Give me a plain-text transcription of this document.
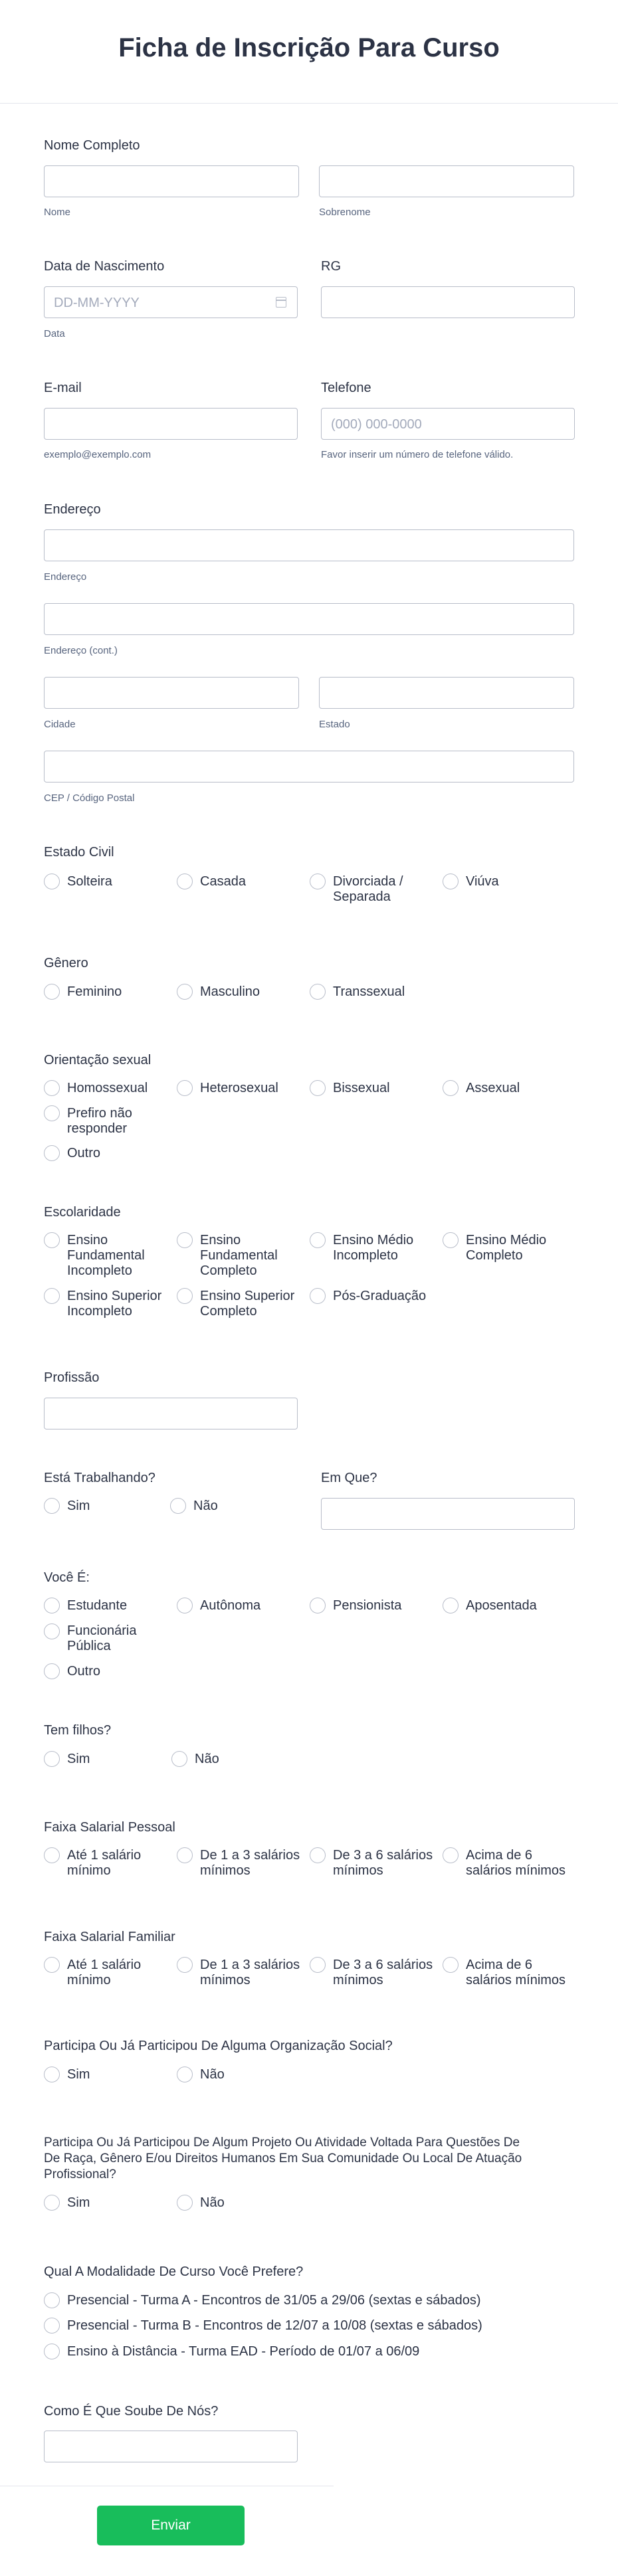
Ficha de Inscrição Para Curso
Nome Completo
Nome	Sobrenome
Data de Nascimento
DD-MM-YYYY
Data
RG
E-mail
exemplo@exemplo.com
Telefone
(000) 000-0000
Favor inserir um número de telefone válido.
Endereço
Endereço
Endereço (cont.)
Cidade	Estado
CEP / Código Postal
Estado Civil
Solteira	Casada	Divorciada /
Separada
Viúva
Gênero
Feminino	Masculino	Transsexual
Orientação sexual
Homossexual	Heterosexual	Bissexual	Assexual
Prefiro não
responder
Outro
Escolaridade
Ensino
Fundamental
Incompleto
Ensino
Fundamental
Completo
Ensino Médio
Incompleto
Ensino Médio
Completo
Ensino Superior
Incompleto
Ensino Superior
Completo
Pós-Graduação
Profissão
Está Trabalhando?
Sim	Não
Em Que?
Você É:
Estudante	Autônoma	Pensionista	Aposentada
Funcionária
Pública
Outro
Tem filhos?
Sim	Não
Faixa Salarial Pessoal
Até 1 salário
mínimo
De 1 a 3 salários
mínimos
De 3 a 6 salários
mínimos
Acima de 6
salários mínimos
Faixa Salarial Familiar
Até 1 salário
mínimo
De 1 a 3 salários
mínimos
De 3 a 6 salários
mínimos
Acima de 6
salários mínimos
Participa Ou Já Participou De Alguma Organização Social?
Sim	Não
Participa Ou Já Participou De Algum Projeto Ou Atividade Voltada Para Questões De
De Raça, Gênero E/ou Direitos Humanos Em Sua Comunidade Ou Local De Atuação
Profissional?
Sim	Não
Qual A Modalidade De Curso Você Prefere?
Presencial - Turma A - Encontros de 31/05 a 29/06 (sextas e sábados)
Presencial - Turma B - Encontros de 12/07 a 10/08 (sextas e sábados)
Ensino à Distância - Turma EAD - Período de 01/07 a 06/09
Como É Que Soube De Nós?
Enviar
